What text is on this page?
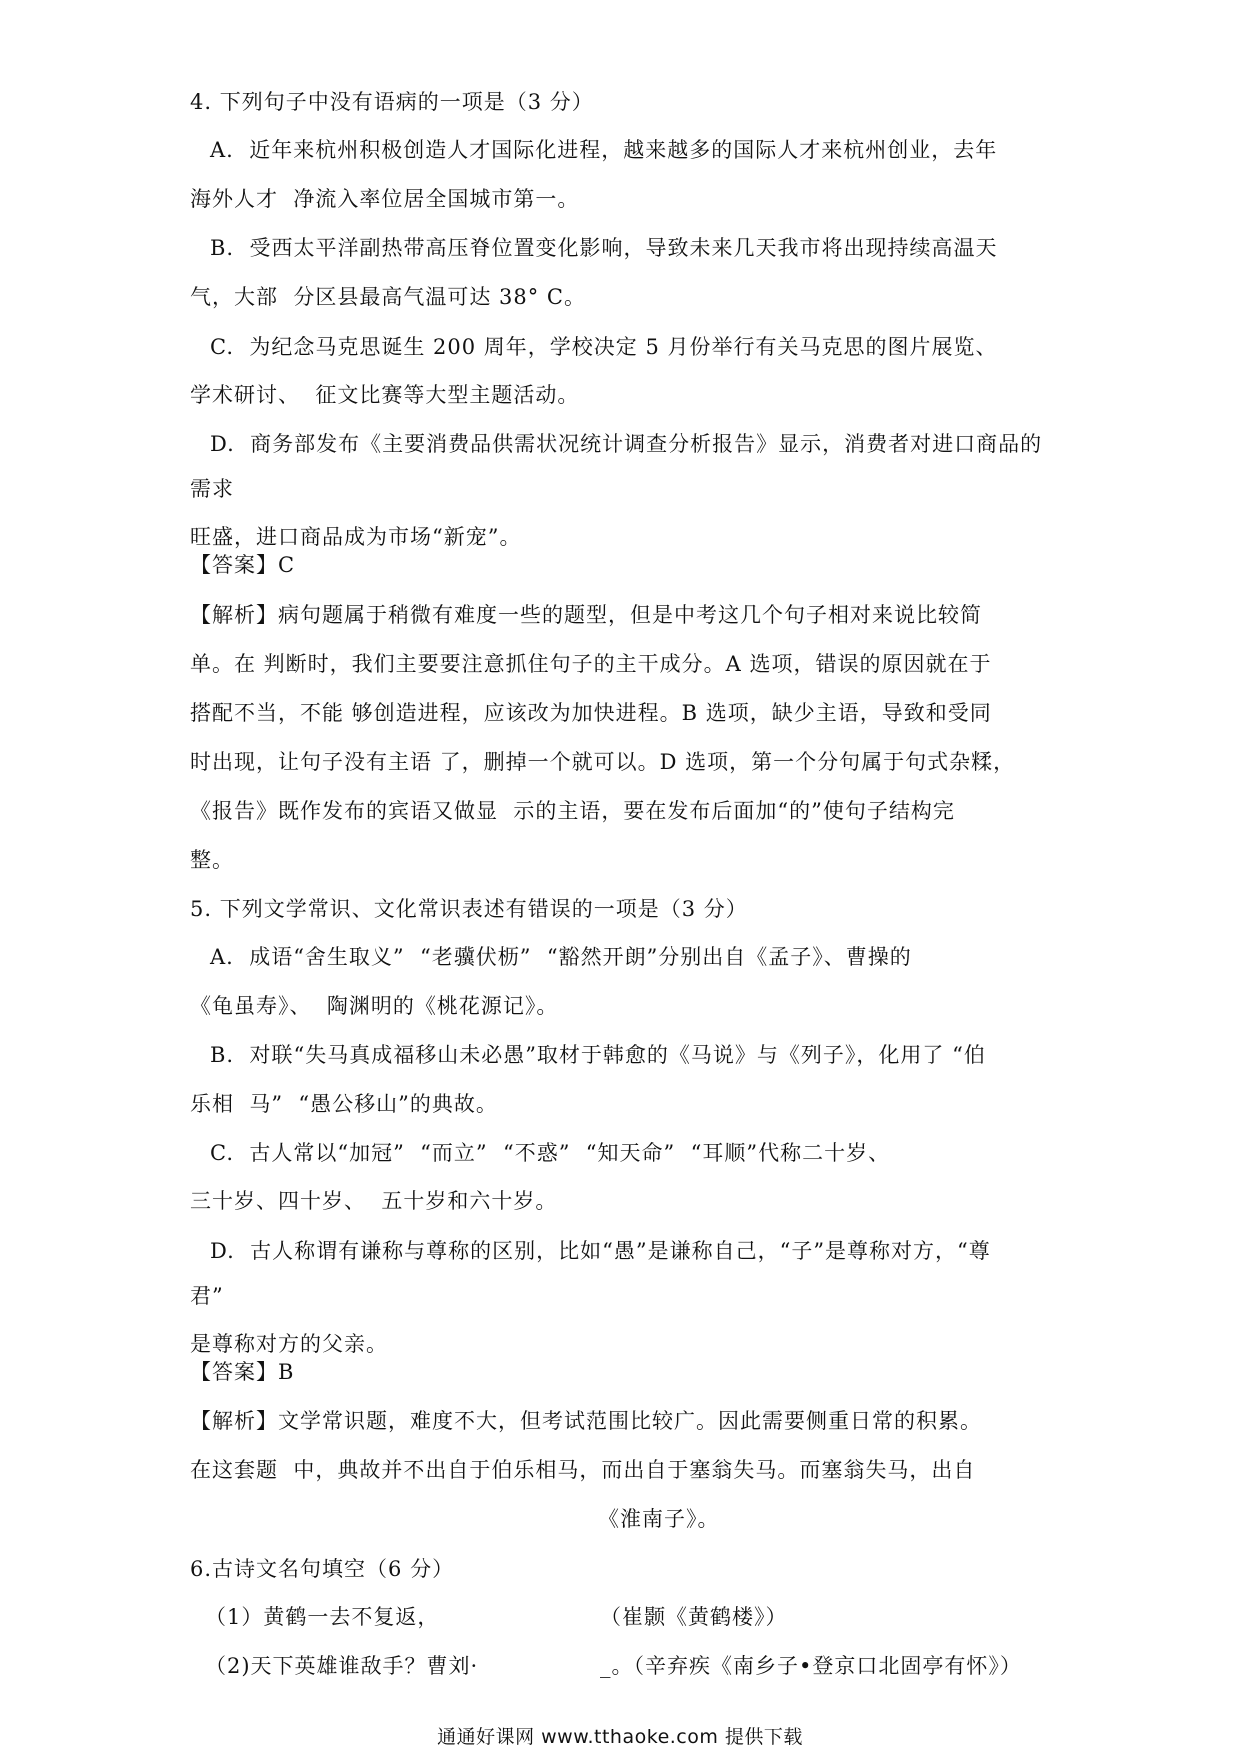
4. 下列句子中没有语病的一项是（3 分）
A.  近年来杭州积极创造人才国际化进程，越来越多的国际人才来杭州创业，去年
海外人才  净流入率位居全国城市第一。
B.  受西太平洋副热带高压脊位置变化影响，导致未来几天我市将出现持续高温天
气，大部  分区县最高气温可达 38° C。
C.  为纪念马克思诞生 200 周年，学校决定 5 月份举行有关马克思的图片展览、
学术研讨、  征文比赛等大型主题活动。
D.  商务部发布《主要消费品供需状况统计调查分析报告》显示，消费者对进口商品的
需求
旺盛，进口商品成为市场“新宠”。
【答案】C
【解析】病句题属于稍微有难度一些的题型，但是中考这几个句子相对来说比较简
单。在 判断时，我们主要要注意抓住句子的主干成分。A 选项，错误的原因就在于
搭配不当，不能 够创造进程，应该改为加快进程。B 选项，缺少主语，导致和受同
时出现，让句子没有主语 了，删掉一个就可以。D 选项，第一个分句属于句式杂糅，
《报告》既作发布的宾语又做显  示的主语，要在发布后面加“的”使句子结构完
整。
5. 下列文学常识、文化常识表述有错误的一项是（3 分）
A.  成语“舍生取义”  “老骥伏枥”  “豁然开朗”分别出自《孟子》、曹操的
《龟虽寿》、  陶渊明的《桃花源记》。
B.  对联“失马真成福移山未必愚”取材于韩愈的《马说》与《列子》，化用了 “伯
乐相  马”  “愚公移山”的典故。
C.  古人常以“加冠”  “而立”  “不惑”  “知天命”  “耳顺”代称二十岁、
三十岁、四十岁、  五十岁和六十岁。
D.  古人称谓有谦称与尊称的区别，比如“愚”是谦称自己，“子”是尊称对方，“尊
君”
是尊称对方的父亲。
【答案】B
【解析】文学常识题，难度不大，但考试范围比较广。因此需要侧重日常的积累。
在这套题  中，典故并不出自于伯乐相马，而出自于塞翁失马。而塞翁失马，出自
《淮南子》。
6.古诗文名句填空（6 分）
（1）黄鹤一去不复返，	（崔颢《黄鹤楼》）
（2)天下英雄谁敌手？曹刘·	_。（辛弃疾《南乡子•登京口北固亭有怀》）
通通好课网 www.tthaoke.com 提供下载
